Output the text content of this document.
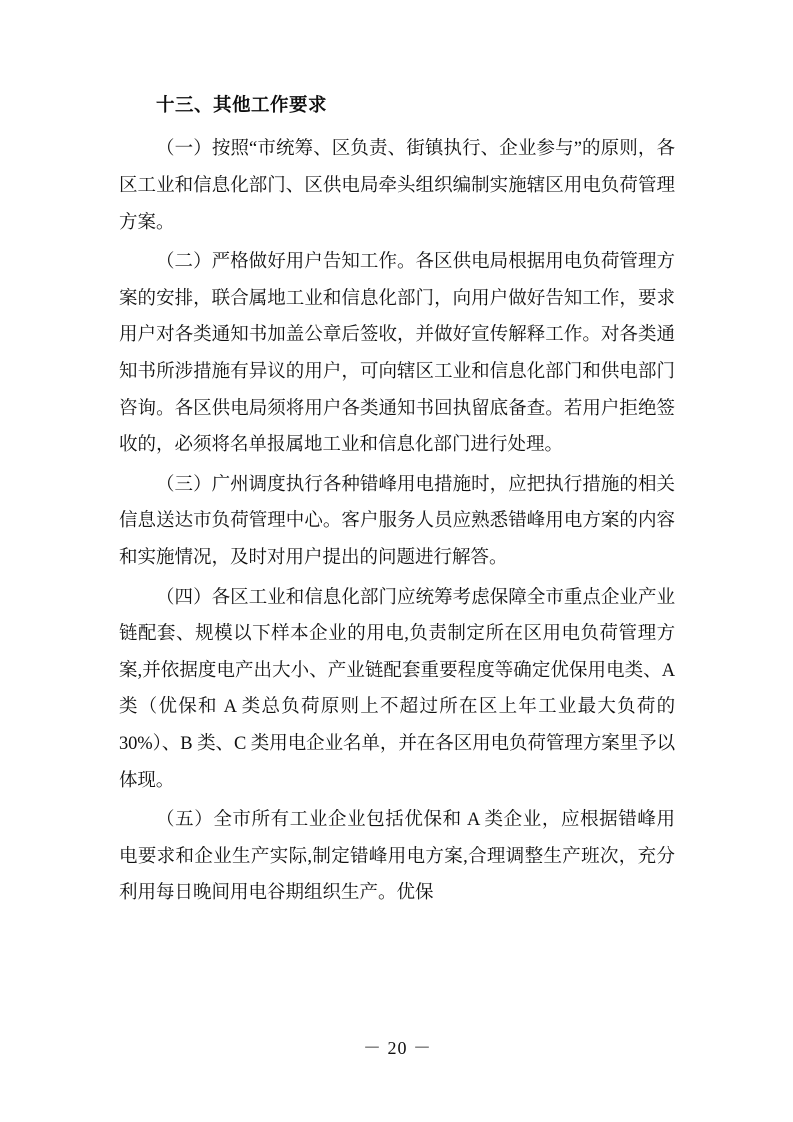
十三、其他工作要求

（一）按照“市统筹、区负责、街镇执行、企业参与”的原则，各区工业和信息化部门、区供电局牵头组织编制实施辖区用电负荷管理方案。

（二）严格做好用户告知工作。各区供电局根据用电负荷管理方案的安排，联合属地工业和信息化部门，向用户做好告知工作，要求用户对各类通知书加盖公章后签收，并做好宣传解释工作。对各类通知书所涉措施有异议的用户，可向辖区工业和信息化部门和供电部门咨询。各区供电局须将用户各类通知书回执留底备查。若用户拒绝签收的，必须将名单报属地工业和信息化部门进行处理。

（三）广州调度执行各种错峰用电措施时，应把执行措施的相关信息送达市负荷管理中心。客户服务人员应熟悉错峰用电方案的内容和实施情况，及时对用户提出的问题进行解答。

（四）各区工业和信息化部门应统筹考虑保障全市重点企业产业链配套、规模以下样本企业的用电,负责制定所在区用电负荷管理方案,并依据度电产出大小、产业链配套重要程度等确定优保用电类、A 类（优保和 A 类总负荷原则上不超过所在区上年工业最大负荷的 30%）、B 类、C 类用电企业名单，并在各区用电负荷管理方案里予以体现。

（五）全市所有工业企业包括优保和 A 类企业，应根据错峰用电要求和企业生产实际,制定错峰用电方案,合理调整生产班次，充分利用每日晚间用电谷期组织生产。优保

－ 20 －
